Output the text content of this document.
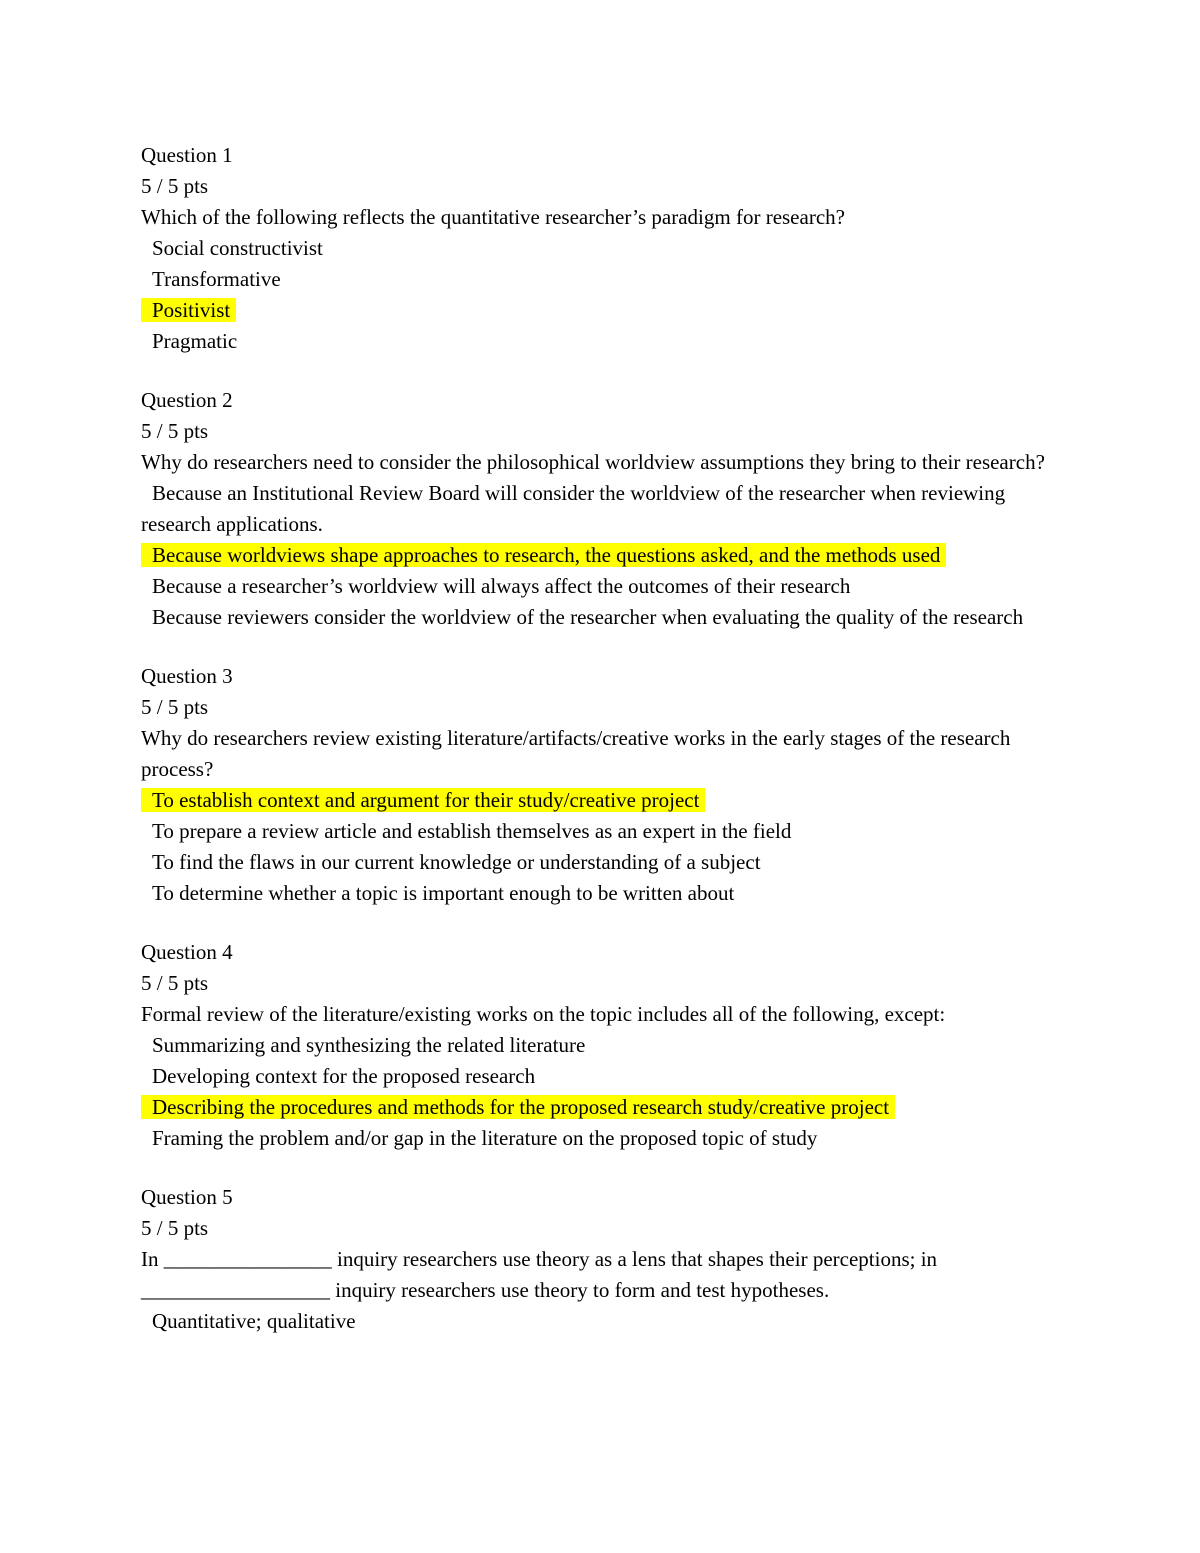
Question 1
5 / 5 pts
Which of the following reflects the quantitative researcher’s paradigm for research?
Social constructivist
Transformative
Positivist
Pragmatic
Question 2
5 / 5 pts
Why do researchers need to consider the philosophical worldview assumptions they bring to their research?
Because an Institutional Review Board will consider the worldview of the researcher when reviewing research applications.
Because worldviews shape approaches to research, the questions asked, and the methods used
Because a researcher’s worldview will always affect the outcomes of their research
Because reviewers consider the worldview of the researcher when evaluating the quality of the research
Question 3
5 / 5 pts
Why do researchers review existing literature/artifacts/creative works in the early stages of the research process?
To establish context and argument for their study/creative project
To prepare a review article and establish themselves as an expert in the field
To find the flaws in our current knowledge or understanding of a subject
To determine whether a topic is important enough to be written about
Question 4
5 / 5 pts
Formal review of the literature/existing works on the topic includes all of the following, except:
Summarizing and synthesizing the related literature
Developing context for the proposed research
Describing the procedures and methods for the proposed research study/creative project
Framing the problem and/or gap in the literature on the proposed topic of study
Question 5
5 / 5 pts
In ________________ inquiry researchers use theory as a lens that shapes their perceptions; in __________________ inquiry researchers use theory to form and test hypotheses.
Quantitative; qualitative
